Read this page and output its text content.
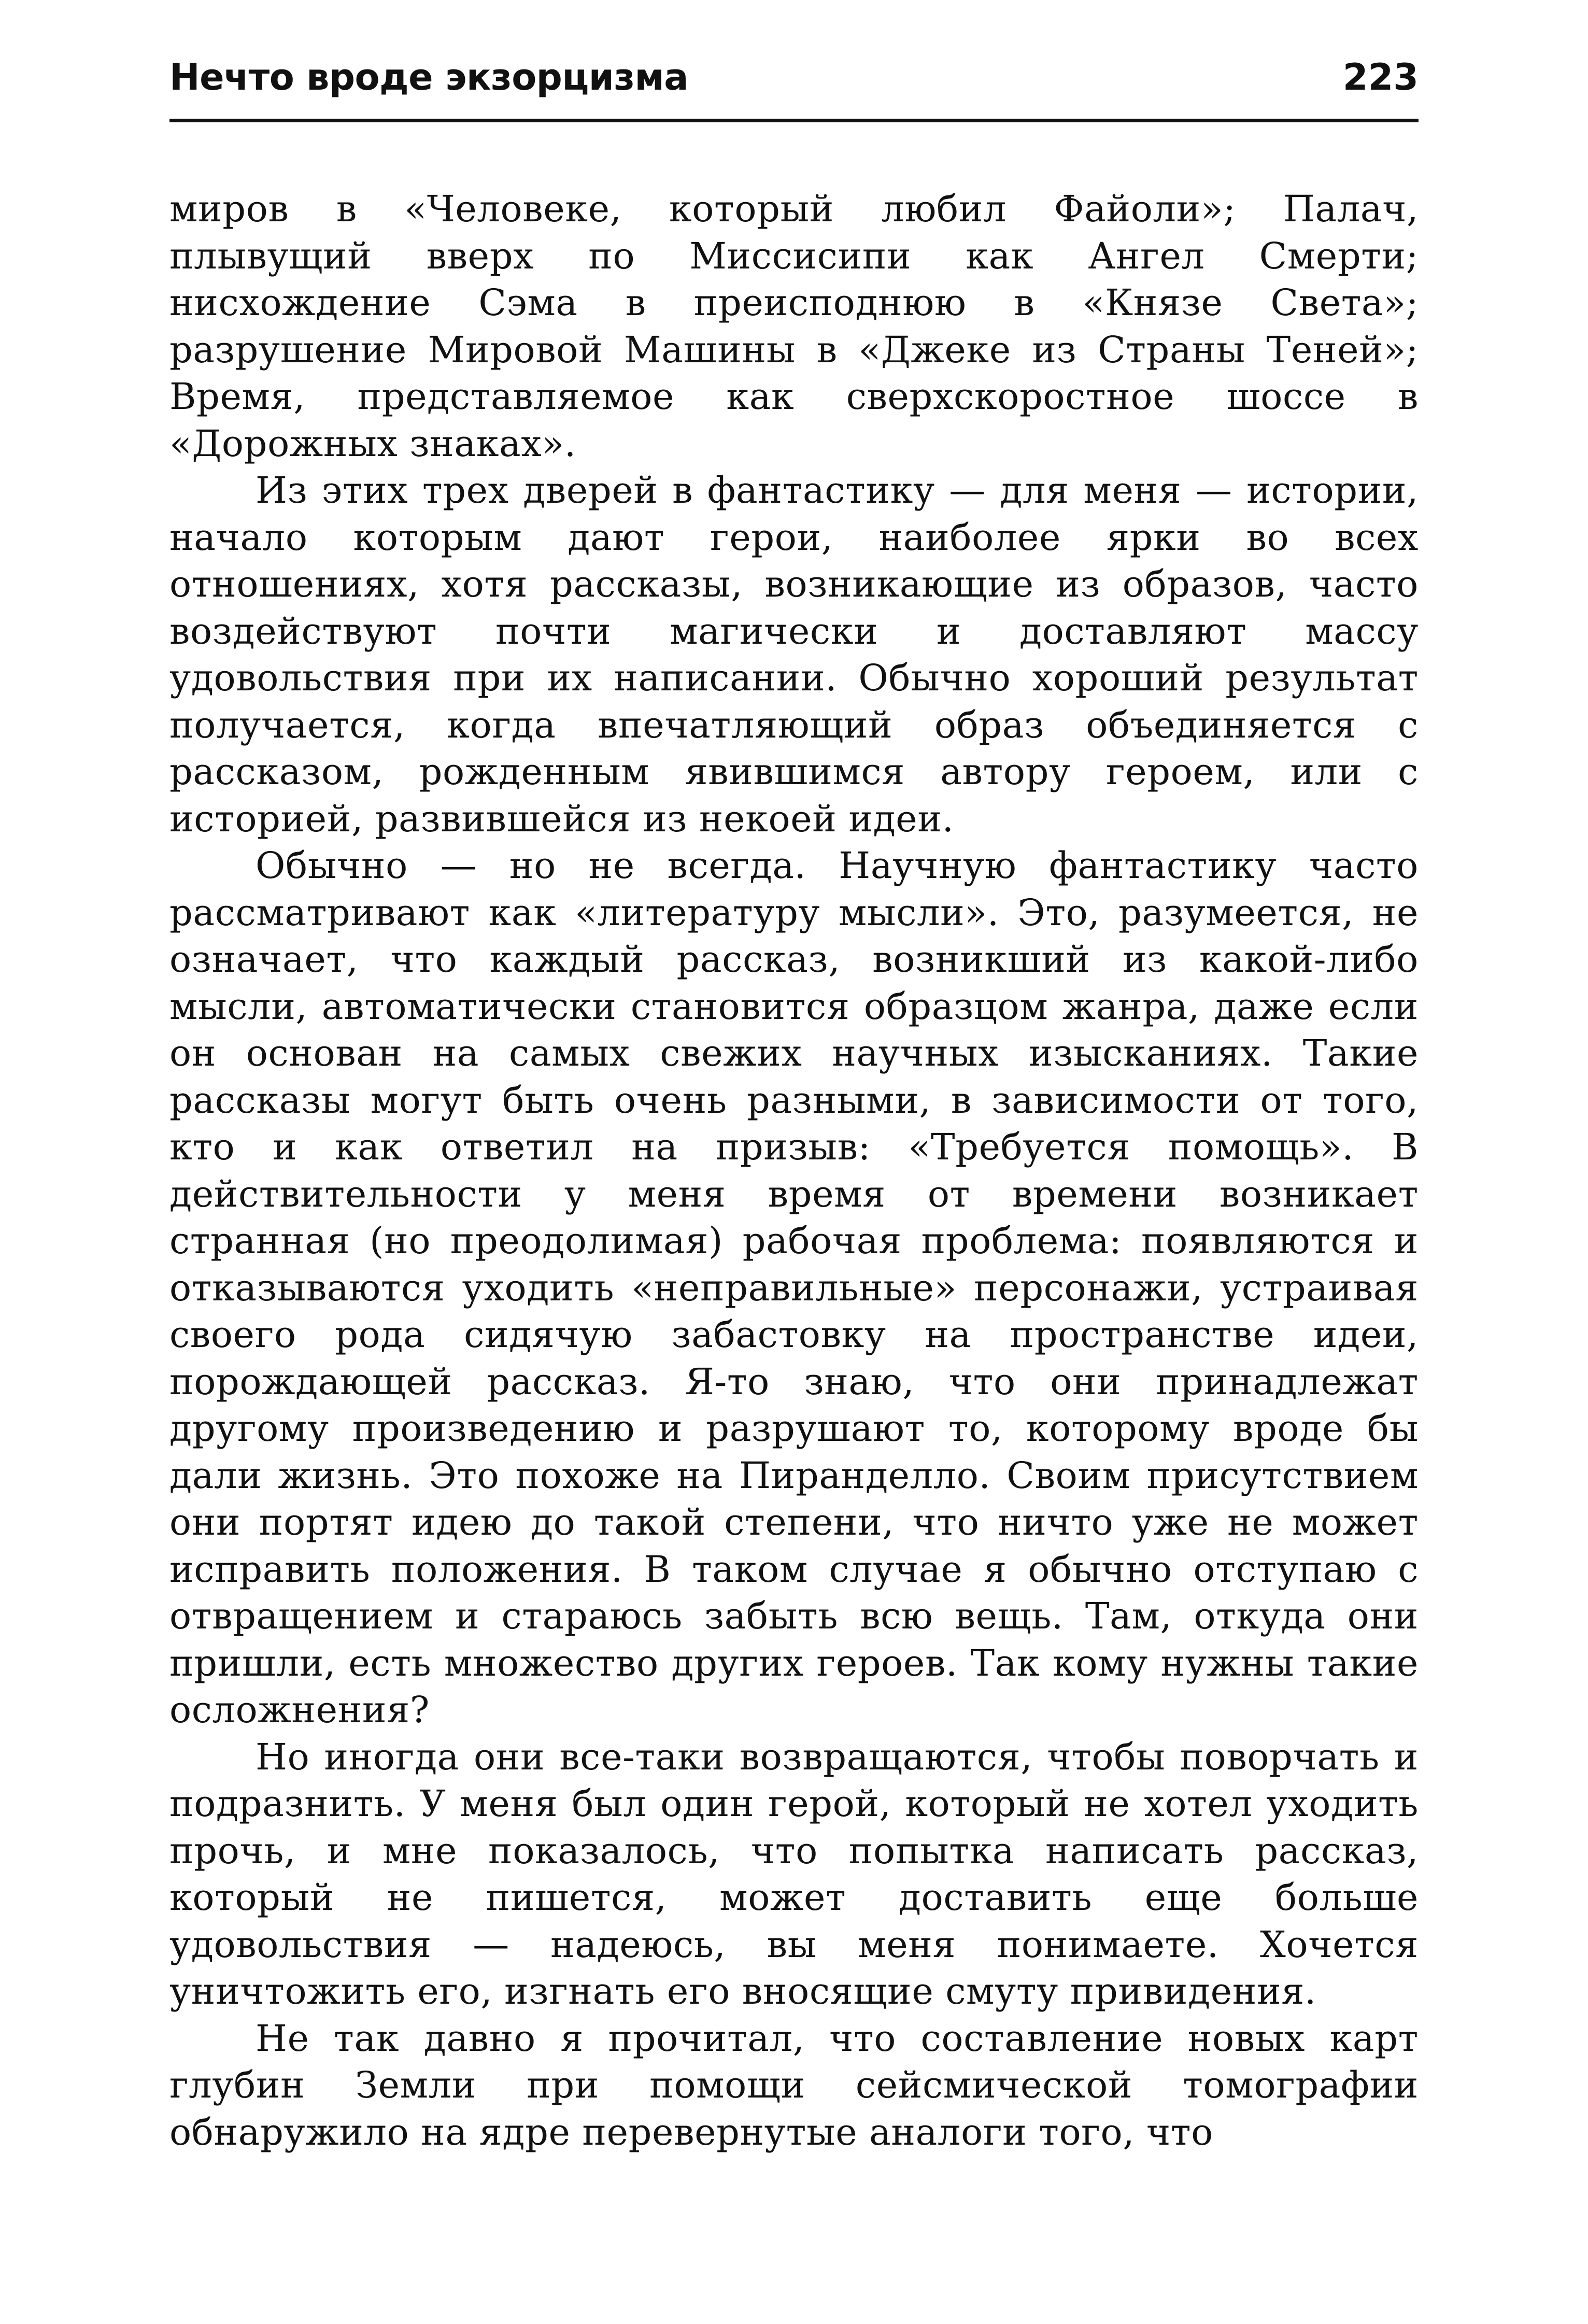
Нечто вроде экзорцизма	223

миров в «Человеке, который любил Файоли»; Палач, плывущий вверх по Миссисипи как Ангел Смерти; нисхождение Сэма в преисподнюю в «Князе Света»; разрушение Мировой Машины в «Джеке из Страны Теней»; Время, представляемое как сверхскоростное шоссе в «Дорожных знаках».

Из этих трех дверей в фантастику — для меня — истории, начало которым дают герои, наиболее ярки во всех отношениях, хотя рассказы, возникающие из образов, часто воздействуют почти магически и доставляют массу удовольствия при их написании. Обычно хороший результат получается, когда впечатляющий образ объединяется с рассказом, рожденным явившимся автору героем, или с историей, развившейся из некоей идеи.

Обычно — но не всегда. Научную фантастику часто рассматривают как «литературу мысли». Это, разумеется, не означает, что каждый рассказ, возникший из какой-либо мысли, автоматически становится образцом жанра, даже если он основан на самых свежих научных изысканиях. Такие рассказы могут быть очень разными, в зависимости от того, кто и как ответил на призыв: «Требуется помощь». В действительности у меня время от времени возникает странная (но преодолимая) рабочая проблема: появляются и отказываются уходить «неправильные» персонажи, устраивая своего рода сидячую забастовку на пространстве идеи, порождающей рассказ. Я-то знаю, что они принадлежат другому произведению и разрушают то, которому вроде бы дали жизнь. Это похоже на Пиранделло. Своим присутствием они портят идею до такой степени, что ничто уже не может исправить положения. В таком случае я обычно отступаю с отвращением и стараюсь забыть всю вещь. Там, откуда они пришли, есть множество других героев. Так кому нужны такие осложнения?

Но иногда они все-таки возвращаются, чтобы поворчать и подразнить. У меня был один герой, который не хотел уходить прочь, и мне показалось, что попытка написать рассказ, который не пишется, может доставить еще больше удовольствия — надеюсь, вы меня понимаете. Хочется уничтожить его, изгнать его вносящие смуту привидения.

Не так давно я прочитал, что составление новых карт глубин Земли при помощи сейсмической томографии обнаружило на ядре перевернутые аналоги того, что
